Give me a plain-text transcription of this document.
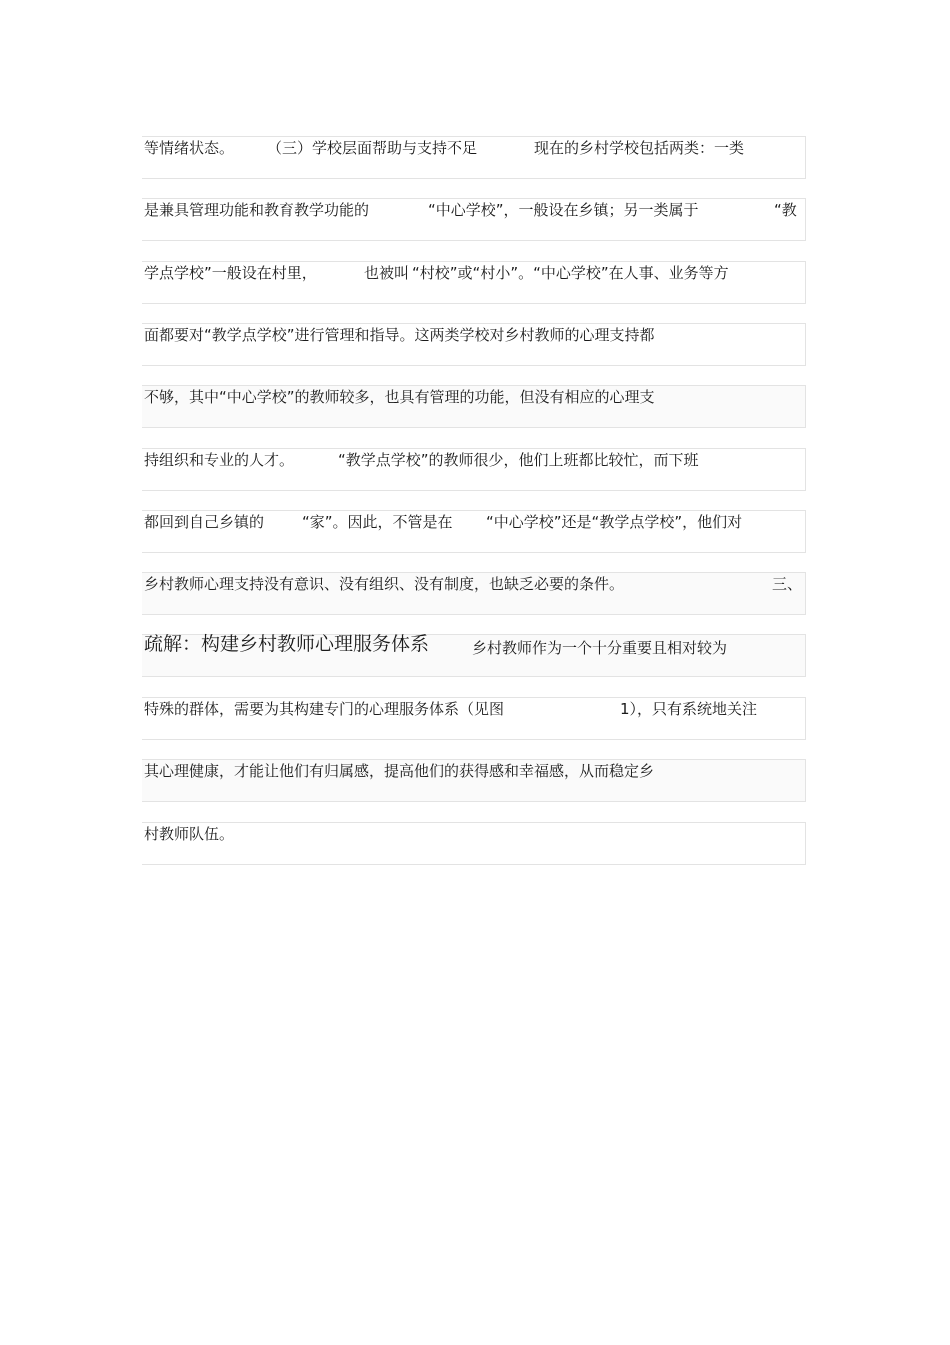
等情绪状态。

（三）学校层面帮助与支持不足

	现在的乡村学校包括两类：一类

是兼具管理功能和教育教学功能的

	“中心学校”，一般设在乡镇；另一类属于

	“教

学点学校”一般设在村里，

	也被叫

“村校”或“村小”。“中心学校”在人事、业务等方

面都要对“教学点学校”进行管理和指导。这两类学校对乡村教师的心理支持都

不够，其中“中心学校”的教师较多，也具有管理的功能，但没有相应的心理支

持组织和专业的人才。

	“教学点学校”的教师很少，他们上班都比较忙，而下班

都回到自己乡镇的

	“家”。因此，不管是在

“中心学校”还是“教学点学校”，他们对

乡村教师心理支持没有意识、没有组织、没有制度，也缺乏必要的条件。

	三、

疏解：构建乡村教师心理服务体系

	乡村教师作为一个十分重要且相对较为

特殊的群体，需要为其构建专门的心理服务体系（见图

	1），只有系统地关注

其心理健康，才能让他们有归属感，提高他们的获得感和幸福感，从而稳定乡

村教师队伍。
